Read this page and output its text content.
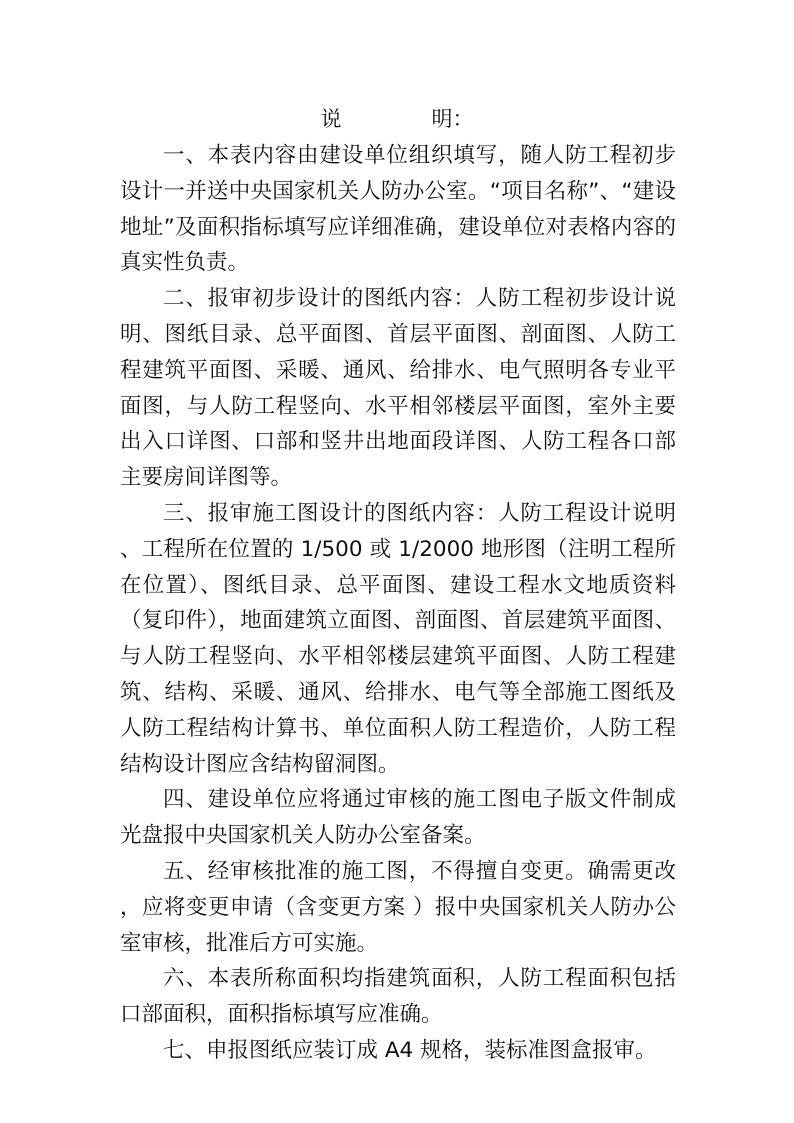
说	明：

一、本表内容由建设单位组织填写，随人防工程初步设计一并送中央国家机关人防办公室。“项目名称”、“建设地址”及面积指标填写应详细准确，建设单位对表格内容的真实性负责。

二、报审初步设计的图纸内容：人防工程初步设计说明、图纸目录、总平面图、首层平面图、剖面图、人防工程建筑平面图、采暖、通风、给排水、电气照明各专业平面图，与人防工程竖向、水平相邻楼层平面图，室外主要出入口详图、口部和竖井出地面段详图、人防工程各口部主要房间详图等。

三、报审施工图设计的图纸内容：人防工程设计说明 、工程所在位置的 1/500 或 1/2000 地形图（注明工程所在位置）、图纸目录、总平面图、建设工程水文地质资料（复印件），地面建筑立面图、剖面图、首层建筑平面图、与人防工程竖向、水平相邻楼层建筑平面图、人防工程建筑、结构、采暖、通风、给排水、电气等全部施工图纸及人防工程结构计算书、单位面积人防工程造价，人防工程结构设计图应含结构留洞图。

四、建设单位应将通过审核的施工图电子版文件制成光盘报中央国家机关人防办公室备案。

五、经审核批准的施工图，不得擅自变更。确需更改 ，应将变更申请（含变更方案 ）报中央国家机关人防办公室审核，批准后方可实施。

六、本表所称面积均指建筑面积，人防工程面积包括口部面积，面积指标填写应准确。

七、申报图纸应装订成 A4 规格，装标准图盒报审。
